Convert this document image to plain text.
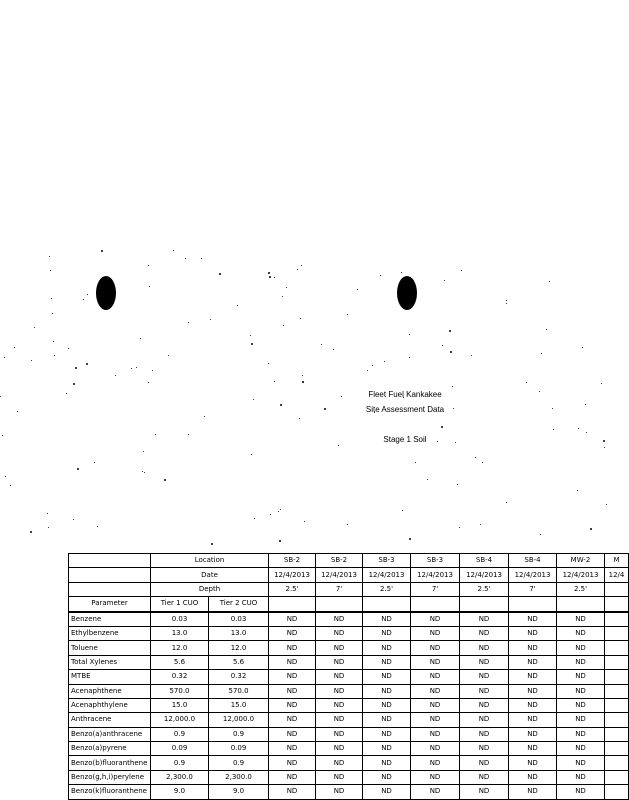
Fleet Fuel Kankakee
Site Assessment Data
Stage 1 Soil
	Location		SB-2	SB-2	SB-3	SB-3	SB-4	SB-4	MW-2	M
	Date		12/4/2013	12/4/2013	12/4/2013	12/4/2013	12/4/2013	12/4/2013	12/4/2013	12/4
	Depth		2.5'	7'	2.5'	7'	2.5'	7'	2.5'	
Parameter	Tier 1 CUO	Tier 2 CUO								
Benzene	0.03	0.03	ND	ND	ND	ND	ND	ND	ND	
Ethylbenzene	13.0	13.0	ND	ND	ND	ND	ND	ND	ND	
Toluene	12.0	12.0	ND	ND	ND	ND	ND	ND	ND	
Total Xylenes	5.6	5.6	ND	ND	ND	ND	ND	ND	ND	
MTBE	0.32	0.32	ND	ND	ND	ND	ND	ND	ND	
Acenaphthene	570.0	570.0	ND	ND	ND	ND	ND	ND	ND	
Acenaphthylene	15.0	15.0	ND	ND	ND	ND	ND	ND	ND	
Anthracene	12,000.0	12,000.0	ND	ND	ND	ND	ND	ND	ND	
Benzo(a)anthracene	0.9	0.9	ND	ND	ND	ND	ND	ND	ND	
Benzo(a)pyrene	0.09	0.09	ND	ND	ND	ND	ND	ND	ND	
Benzo(b)fluoranthene	0.9	0.9	ND	ND	ND	ND	ND	ND	ND	
Benzo(g,h,i)perylene	2,300.0	2,300.0	ND	ND	ND	ND	ND	ND	ND	
Benzo(k)fluoranthene	9.0	9.0	ND	ND	ND	ND	ND	ND	ND	
